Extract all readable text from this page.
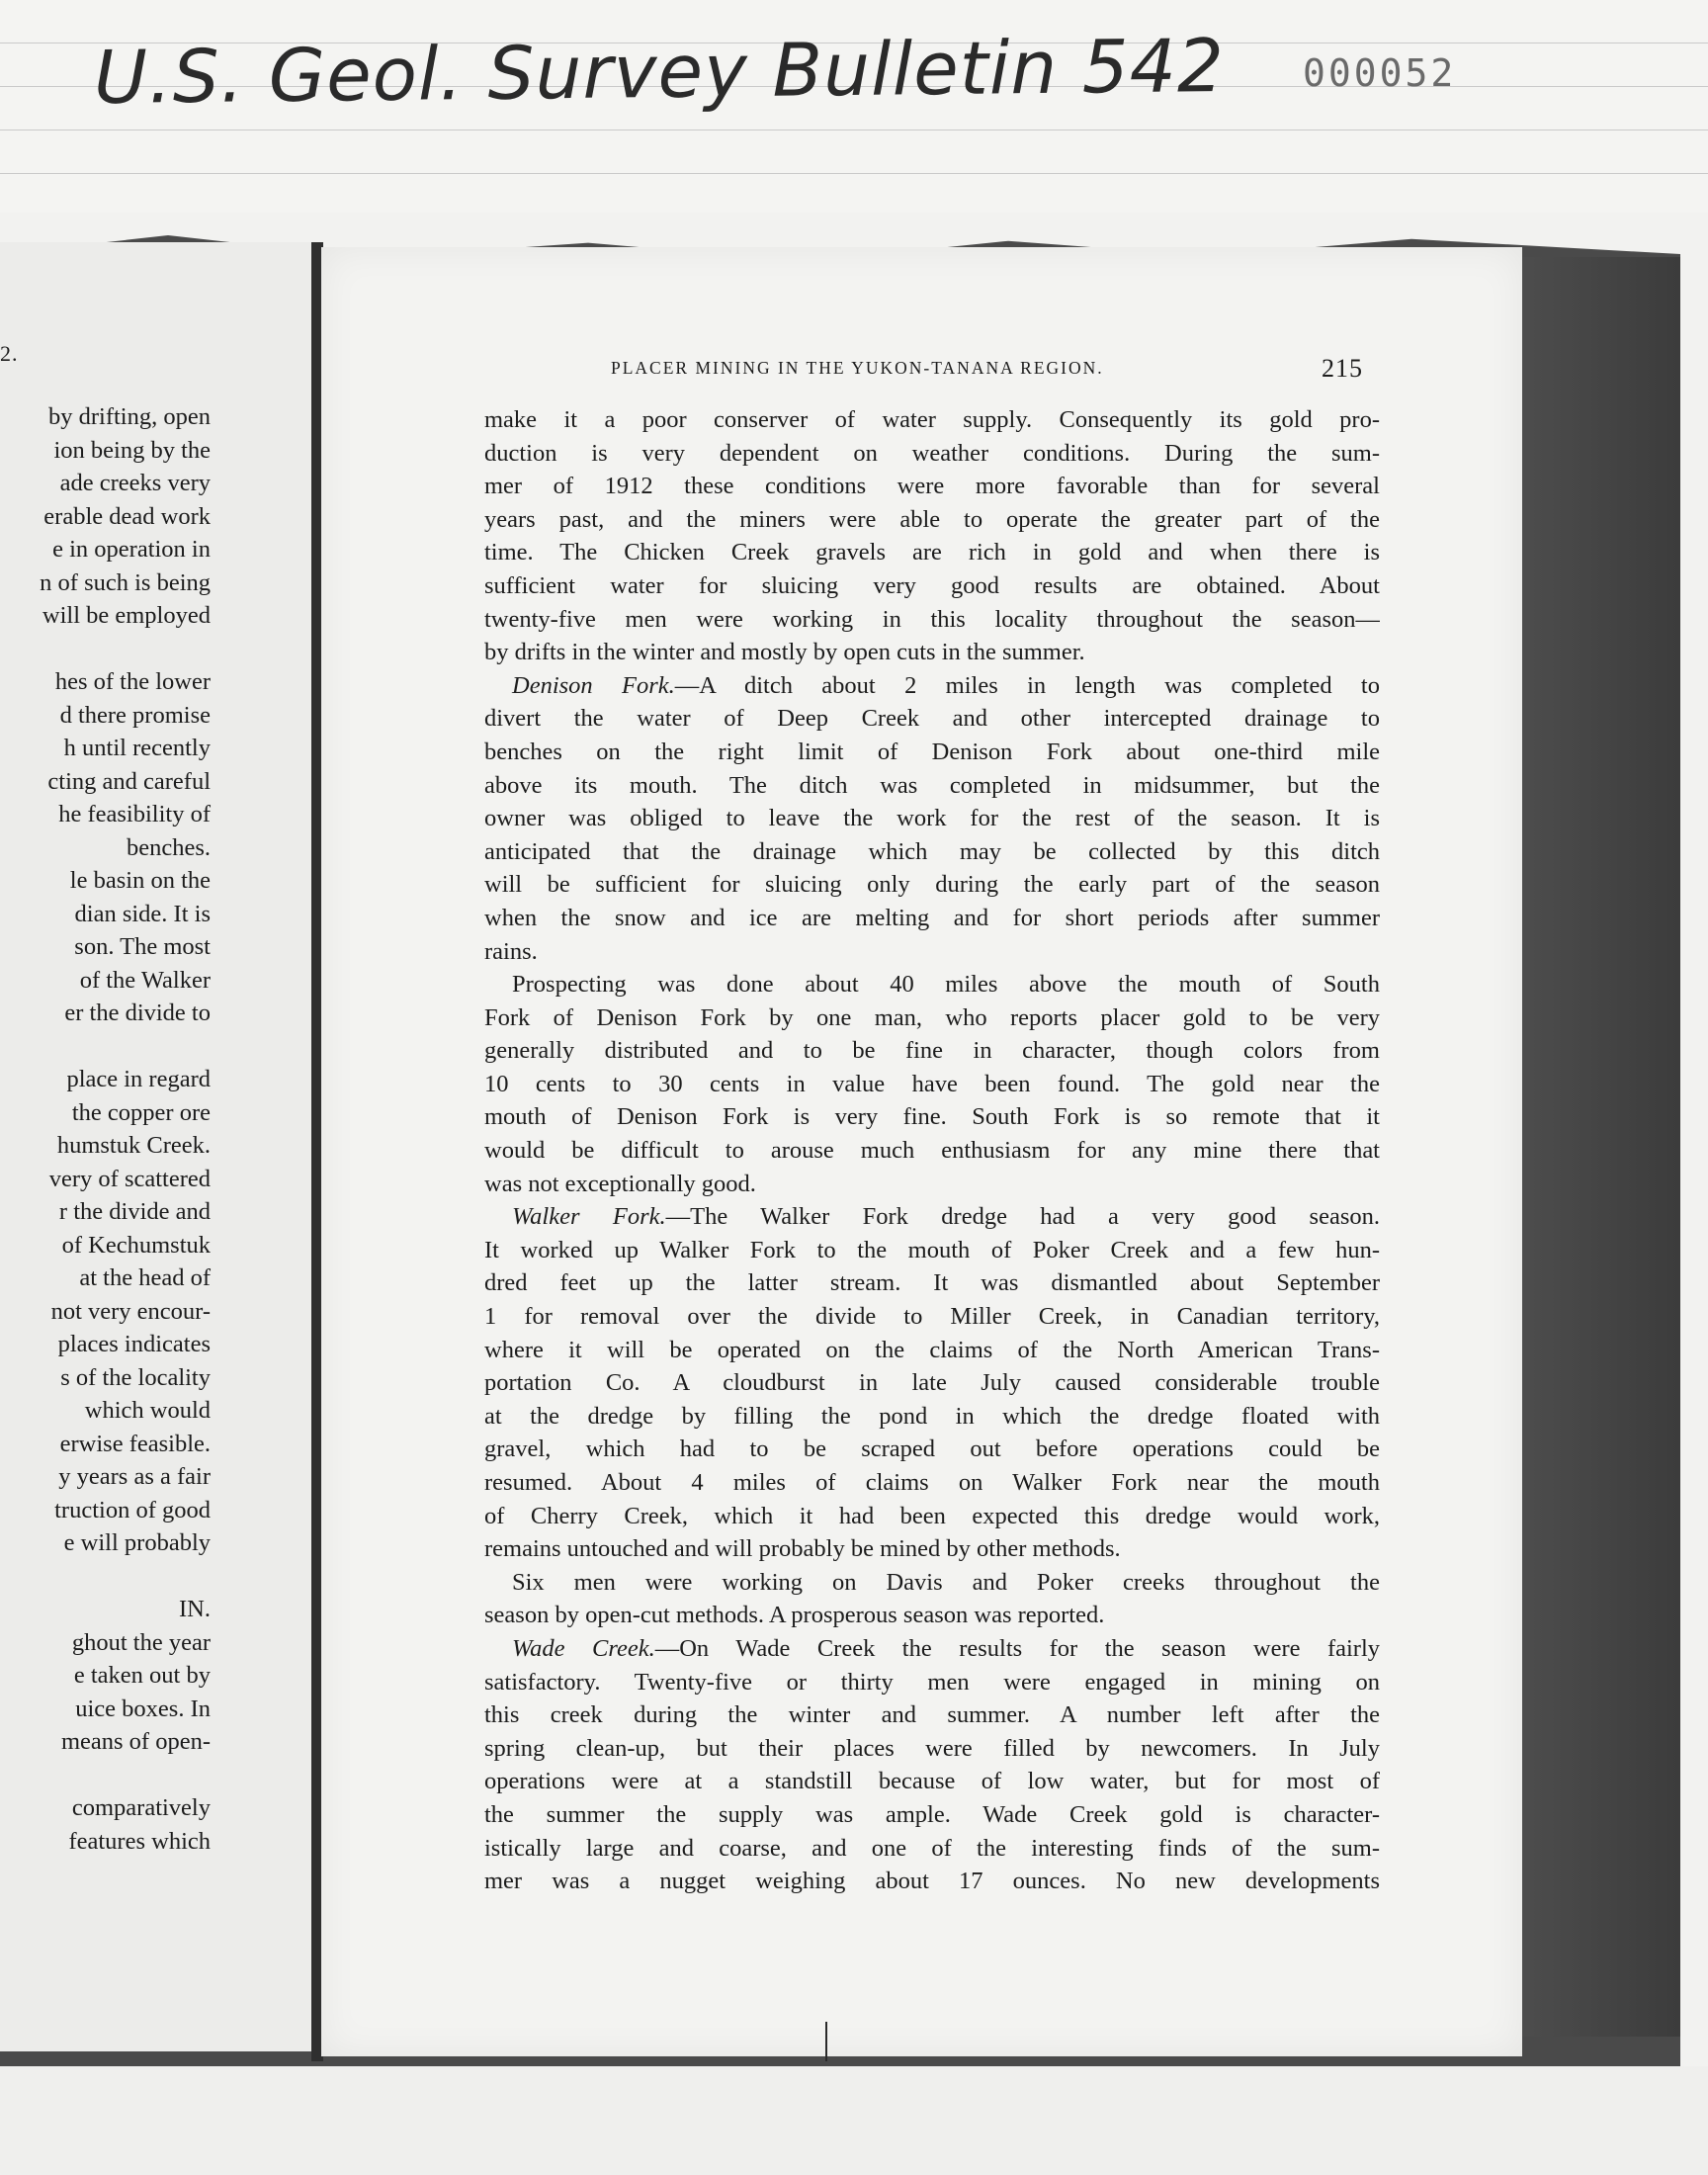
U.S. Geol. Survey Bulletin 542 000052
2.
by drifting, open
ion being by the
ade creeks very
erable dead work
e in operation in
n of such is being
will be employed
hes of the lower
d there promise
h until recently
cting and careful
he feasibility of
benches.
le basin on the
dian side. It is
son. The most
of the Walker
er the divide to
place in regard
the copper ore
humstuk Creek.
very of scattered
r the divide and
of Kechumstuk
at the head of
not very encour-
places indicates
s of the locality
which would
erwise feasible.
y years as a fair
truction of good
e will probably
IN.
ghout the year
e taken out by
uice boxes. In
means of open-
comparatively
features which
PLACER MINING IN THE YUKON-TANANA REGION.	215
make it a poor conserver of water supply. Consequently its gold pro-
duction is very dependent on weather conditions. During the sum-
mer of 1912 these conditions were more favorable than for several
years past, and the miners were able to operate the greater part of the
time. The Chicken Creek gravels are rich in gold and when there is
sufficient water for sluicing very good results are obtained. About
twenty-five men were working in this locality throughout the season—
by drifts in the winter and mostly by open cuts in the summer.
Denison Fork.—A ditch about 2 miles in length was completed to
divert the water of Deep Creek and other intercepted drainage to
benches on the right limit of Denison Fork about one-third mile
above its mouth. The ditch was completed in midsummer, but the
owner was obliged to leave the work for the rest of the season. It is
anticipated that the drainage which may be collected by this ditch
will be sufficient for sluicing only during the early part of the season
when the snow and ice are melting and for short periods after summer
rains.
Prospecting was done about 40 miles above the mouth of South
Fork of Denison Fork by one man, who reports placer gold to be very
generally distributed and to be fine in character, though colors from
10 cents to 30 cents in value have been found. The gold near the
mouth of Denison Fork is very fine. South Fork is so remote that it
would be difficult to arouse much enthusiasm for any mine there that
was not exceptionally good.
Walker Fork.—The Walker Fork dredge had a very good season.
It worked up Walker Fork to the mouth of Poker Creek and a few hun-
dred feet up the latter stream. It was dismantled about September
1 for removal over the divide to Miller Creek, in Canadian territory,
where it will be operated on the claims of the North American Trans-
portation Co. A cloudburst in late July caused considerable trouble
at the dredge by filling the pond in which the dredge floated with
gravel, which had to be scraped out before operations could be
resumed. About 4 miles of claims on Walker Fork near the mouth
of Cherry Creek, which it had been expected this dredge would work,
remains untouched and will probably be mined by other methods.
Six men were working on Davis and Poker creeks throughout the
season by open-cut methods. A prosperous season was reported.
Wade Creek.—On Wade Creek the results for the season were fairly
satisfactory. Twenty-five or thirty men were engaged in mining on
this creek during the winter and summer. A number left after the
spring clean-up, but their places were filled by newcomers. In July
operations were at a standstill because of low water, but for most of
the summer the supply was ample. Wade Creek gold is character-
istically large and coarse, and one of the interesting finds of the sum-
mer was a nugget weighing about 17 ounces. No new developments
